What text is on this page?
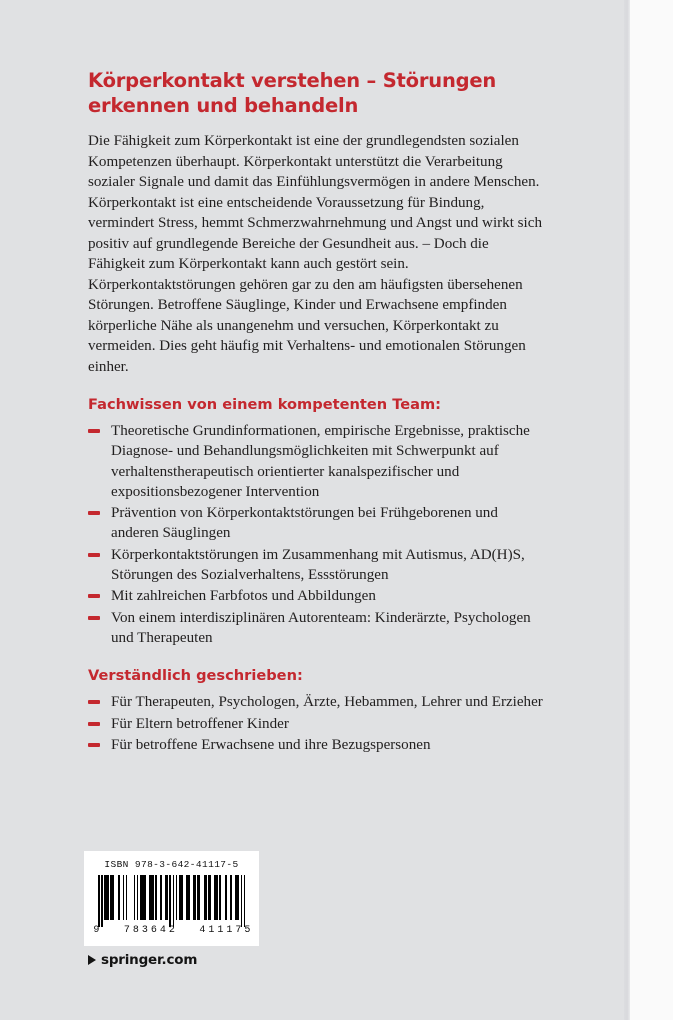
Körperkontakt verstehen – Störungen erkennen und behandeln

Die Fähigkeit zum Körperkontakt ist eine der grundlegendsten sozialen Kompetenzen überhaupt. Körperkontakt unterstützt die Verarbeitung sozialer Signale und damit das Einfühlungsvermögen in andere Menschen. Körperkontakt ist eine entscheidende Voraussetzung für Bindung, vermindert Stress, hemmt Schmerzwahrnehmung und Angst und wirkt sich positiv auf grundlegende Bereiche der Gesundheit aus. – Doch die Fähigkeit zum Körperkontakt kann auch gestört sein. Körperkontaktstörungen gehören gar zu den am häufigsten übersehenen Störungen. Betroffene Säuglinge, Kinder und Erwachsene empfinden körperliche Nähe als unangenehm und versuchen, Körperkontakt zu vermeiden. Dies geht häufig mit Verhaltens- und emotionalen Störungen einher.

Fachwissen von einem kompetenten Team:
Theoretische Grundinformationen, empirische Ergebnisse, praktische Diagnose- und Behandlungsmöglichkeiten mit Schwerpunkt auf verhaltenstherapeutisch orientierter kanalspezifischer und expositionsbezogener Intervention
Prävention von Körperkontaktstörungen bei Frühgeborenen und anderen Säuglingen
Körperkontaktstörungen im Zusammenhang mit Autismus, AD(H)S, Störungen des Sozialverhaltens, Essstörungen
Mit zahlreichen Farbfotos und Abbildungen
Von einem interdisziplinären Autorenteam: Kinderärzte, Psychologen und Therapeuten
Verständlich geschrieben:
Für Therapeuten, Psychologen, Ärzte, Hebammen, Lehrer und Erzieher
Für Eltern betroffener Kinder
Für betroffene Erwachsene und ihre Bezugspersonen
ISBN 978-3-642-41117-5
9 7 8 3 6 4 2 4 1 1 1 7 5
springer.com
